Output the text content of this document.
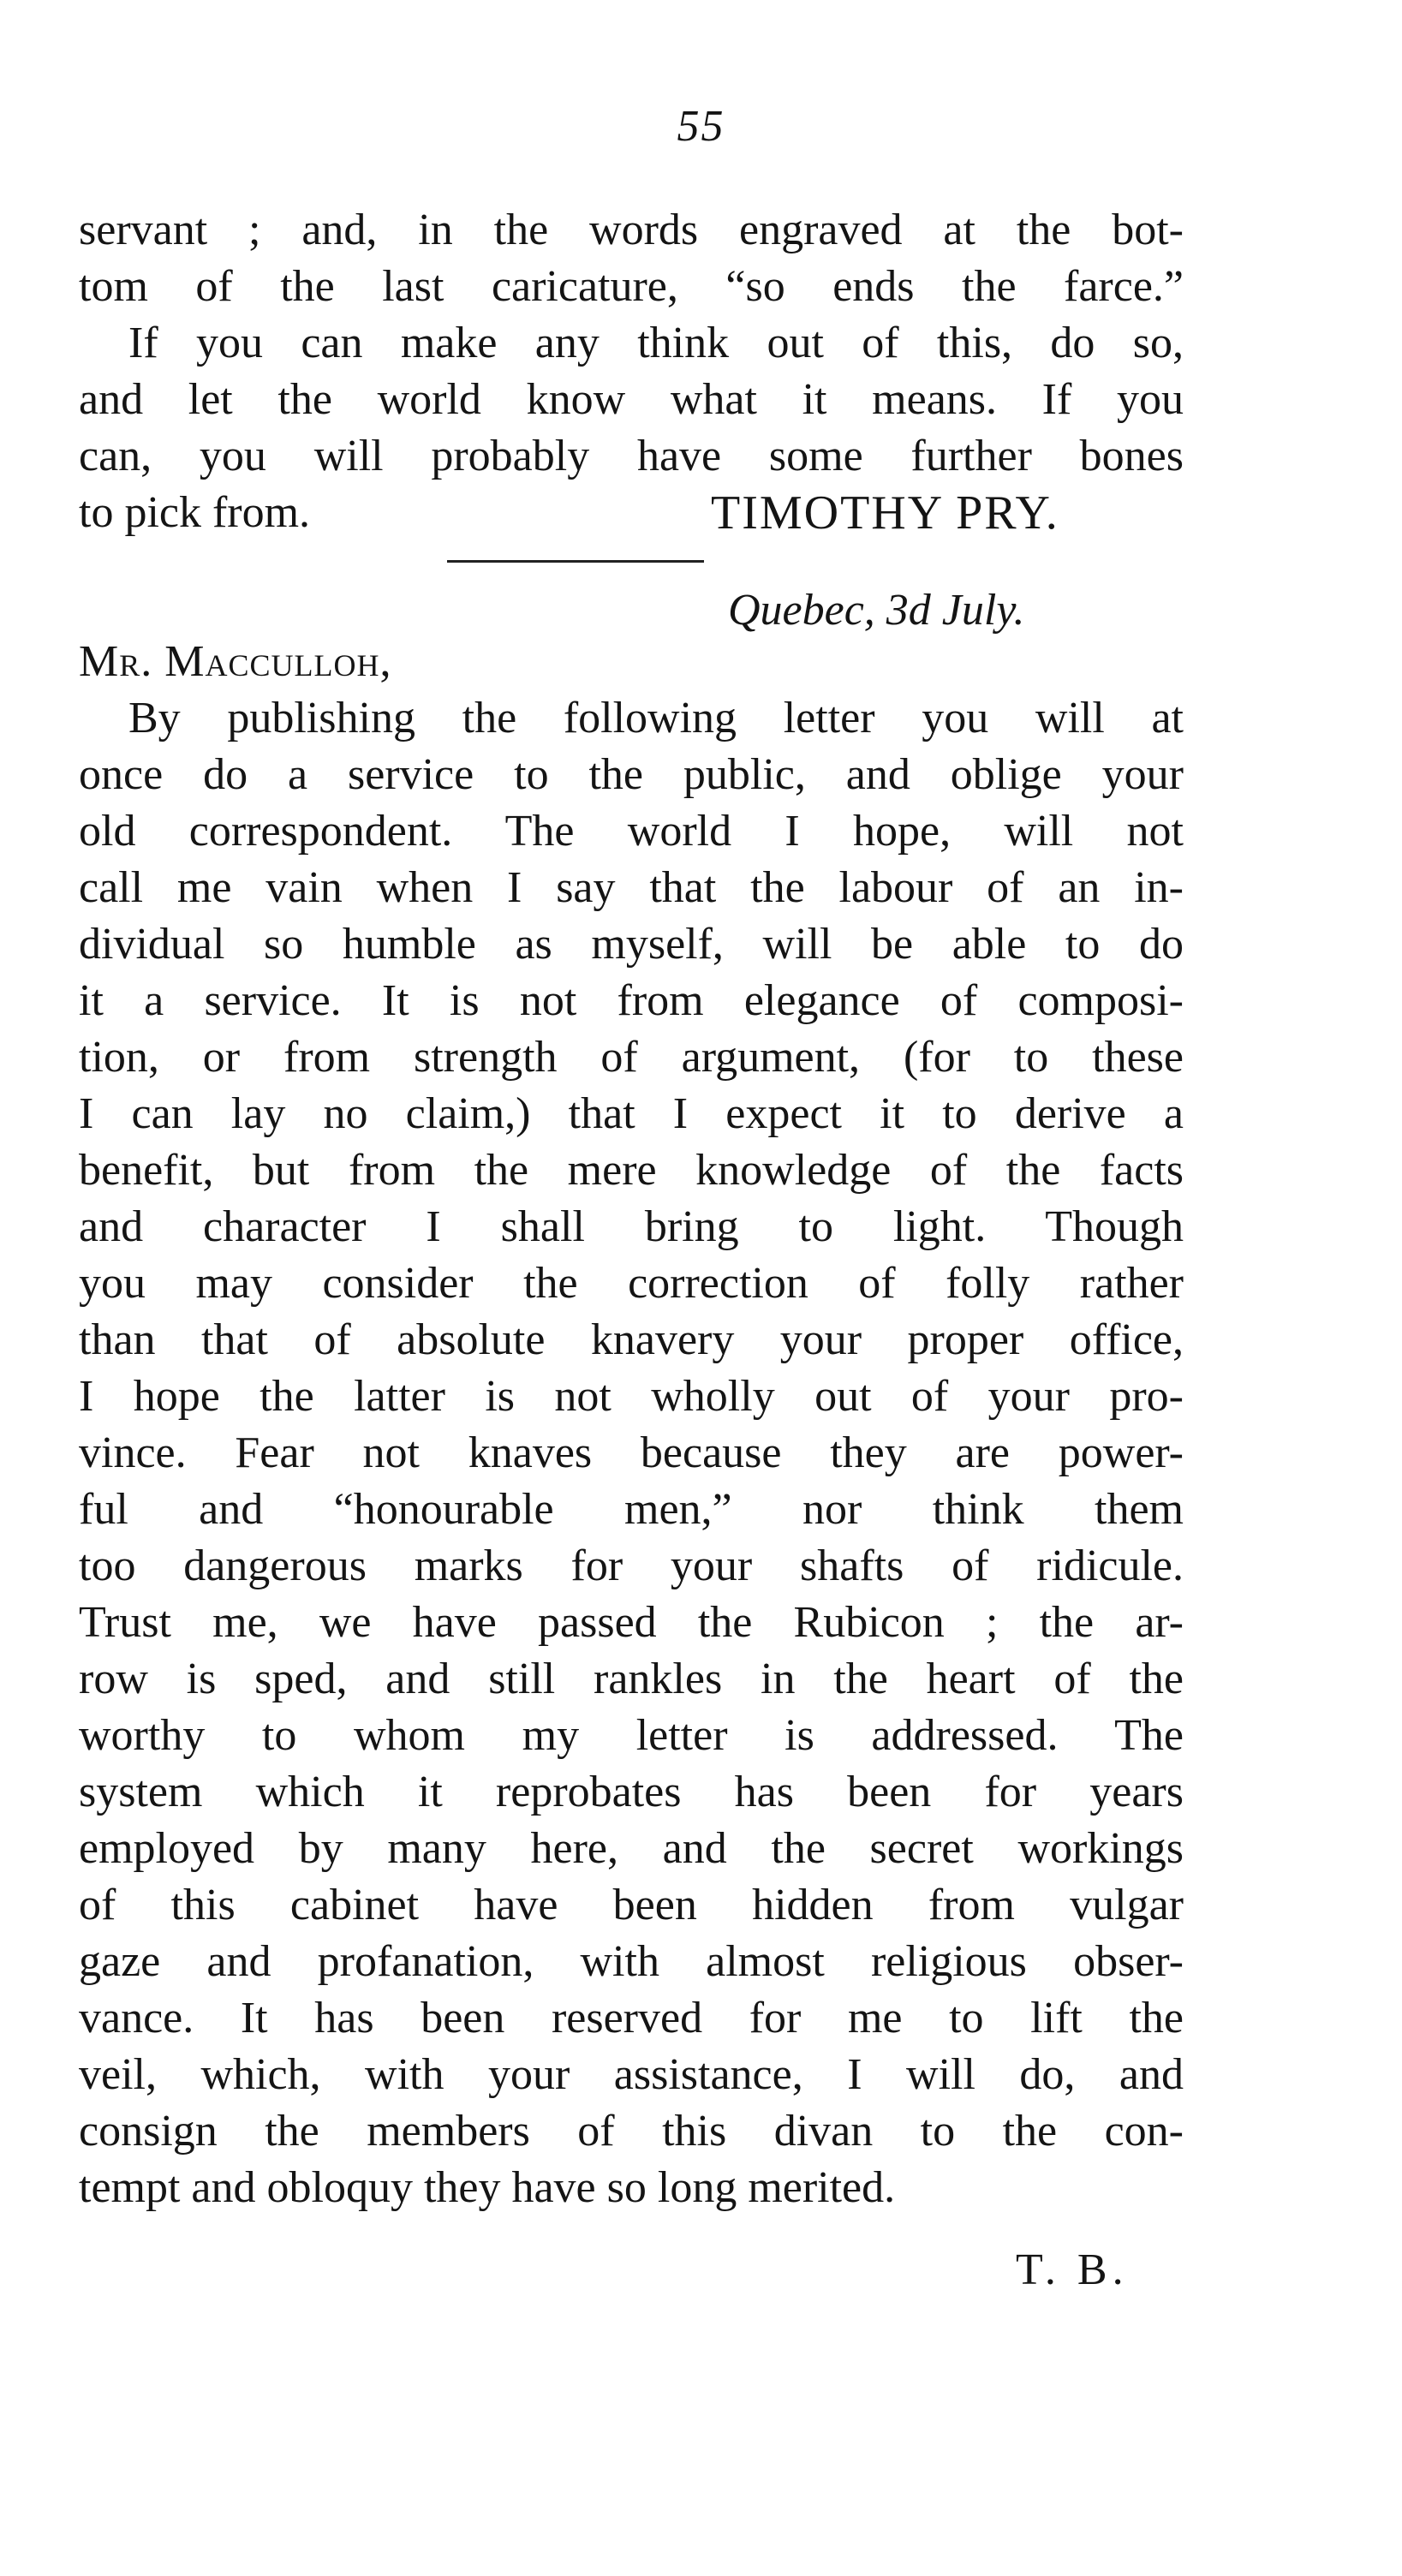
55
servant ; and, in the words engraved at the bot-
tom of the last caricature, “so ends the farce.”
If you can make any think out of this, do so,
and let the world know what it means. If you
can, you will probably have some further bones
to pick from.	TIMOTHY PRY.
Quebec, 3d July.
Mr. Macculloh,
By publishing the following letter you will at
once do a service to the public, and oblige your
old correspondent. The world I hope, will not
call me vain when I say that the labour of an in-
dividual so humble as myself, will be able to do
it a service. It is not from elegance of composi-
tion, or from strength of argument, (for to these
I can lay no claim,) that I expect it to derive a
benefit, but from the mere knowledge of the facts
and character I shall bring to light. Though
you may consider the correction of folly rather
than that of absolute knavery your proper office,
I hope the latter is not wholly out of your pro-
vince. Fear not knaves because they are power-
ful and “honourable men,” nor think them
too dangerous marks for your shafts of ridicule.
Trust me, we have passed the Rubicon ; the ar-
row is sped, and still rankles in the heart of the
worthy to whom my letter is addressed. The
system which it reprobates has been for years
employed by many here, and the secret workings
of this cabinet have been hidden from vulgar
gaze and profanation, with almost religious obser-
vance. It has been reserved for me to lift the
veil, which, with your assistance, I will do, and
consign the members of this divan to the con-
tempt and obloquy they have so long merited.
T. B.
